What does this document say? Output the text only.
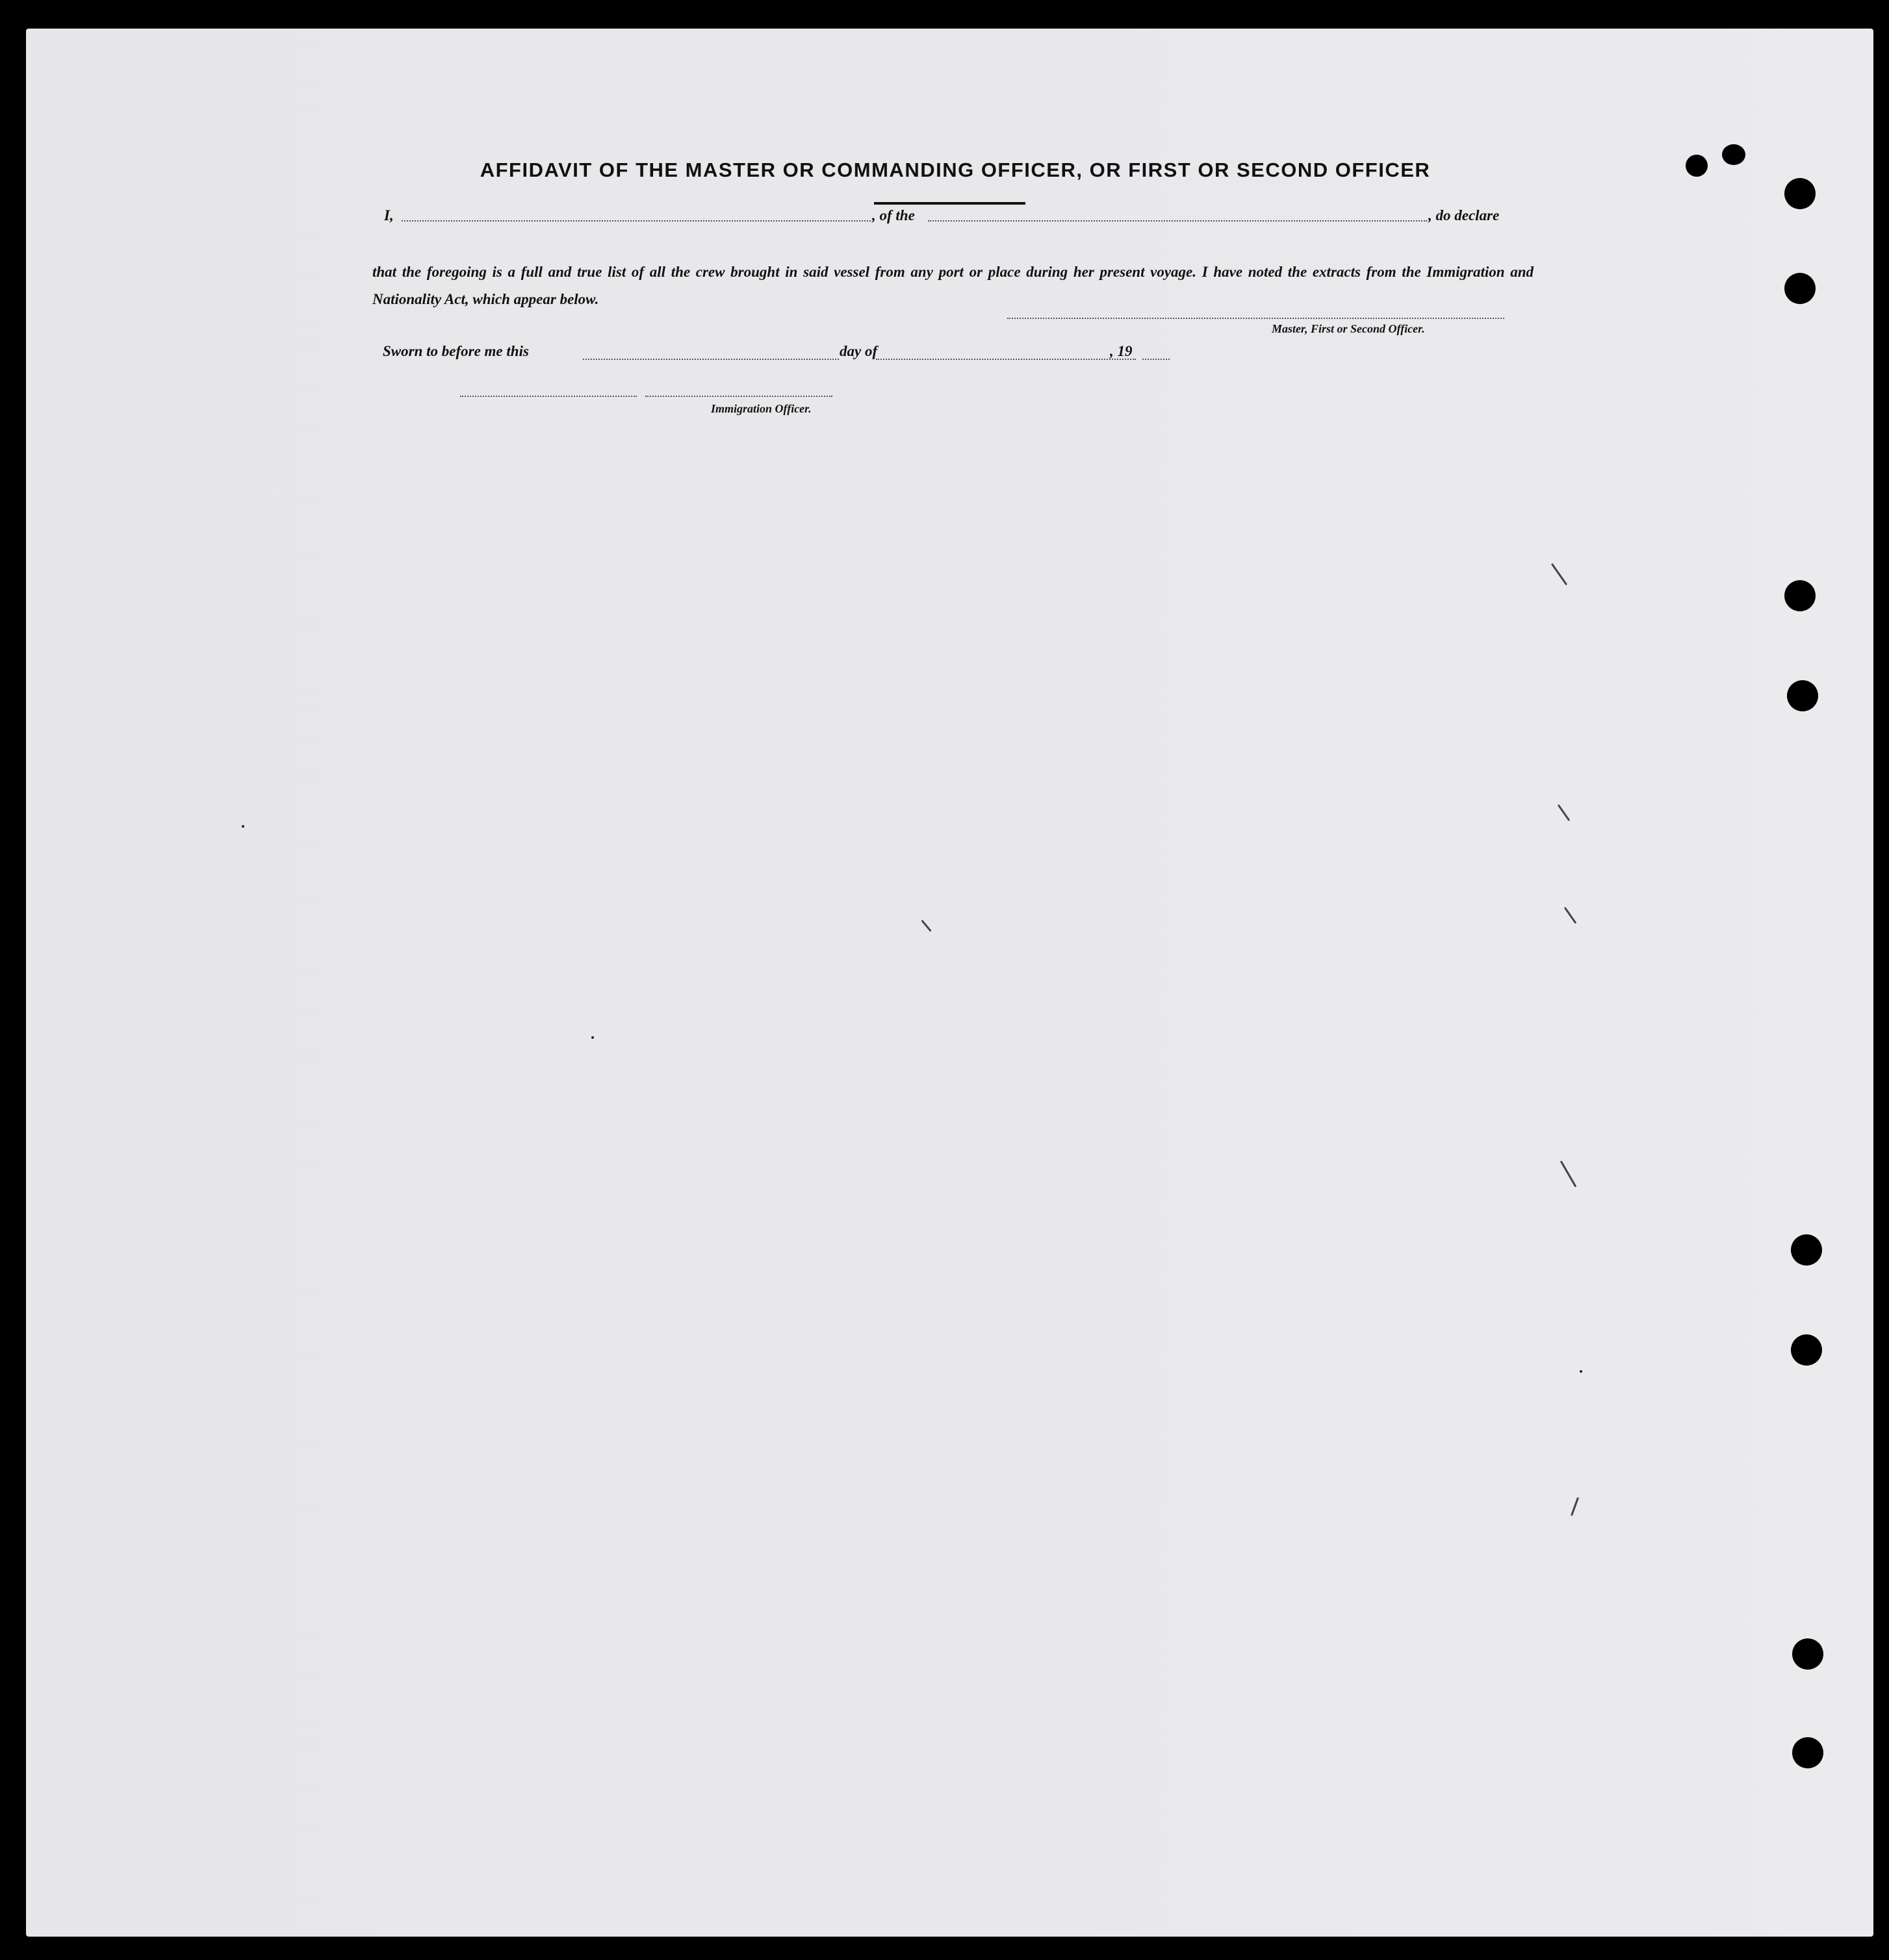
AFFIDAVIT OF THE MASTER OR COMMANDING OFFICER, OR FIRST OR SECOND OFFICER
I,	, of the	, do declare
that the foregoing is a full and true list of all the crew brought in said vessel from any port or place during her present voyage. I have noted the extracts from the Immigration and Nationality Act, which appear below.
Master, First or Second Officer.
Sworn to before me this	day of	, 19
Immigration Officer.
